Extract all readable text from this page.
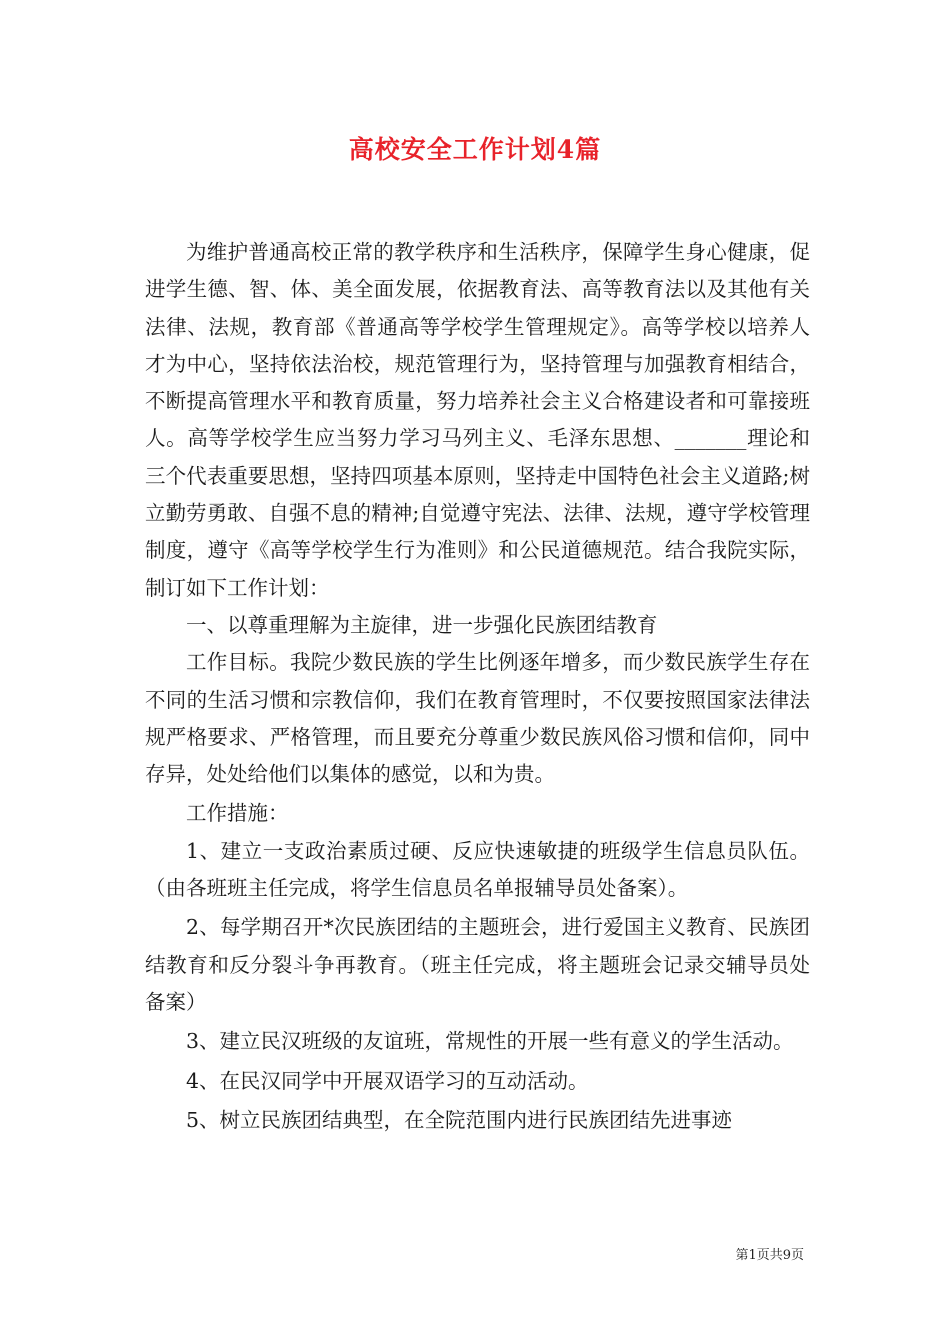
高校安全工作计划4篇

为维护普通高校正常的教学秩序和生活秩序，保障学生身心健康，促进学生德、智、体、美全面发展，依据教育法、高等教育法以及其他有关法律、法规，教育部《普通高等学校学生管理规定》。高等学校以培养人才为中心，坚持依法治校，规范管理行为，坚持管理与加强教育相结合，不断提高管理水平和教育质量，努力培养社会主义合格建设者和可靠接班人。高等学校学生应当努力学习马列主义、毛泽东思想、_______理论和三个代表重要思想，坚持四项基本原则，坚持走中国特色社会主义道路;树立勤劳勇敢、自强不息的精神;自觉遵守宪法、法律、法规，遵守学校管理制度，遵守《高等学校学生行为准则》和公民道德规范。结合我院实际，制订如下工作计划：

一、以尊重理解为主旋律，进一步强化民族团结教育

工作目标。我院少数民族的学生比例逐年增多，而少数民族学生存在不同的生活习惯和宗教信仰，我们在教育管理时，不仅要按照国家法律法规严格要求、严格管理，而且要充分尊重少数民族风俗习惯和信仰，同中存异，处处给他们以集体的感觉，以和为贵。

工作措施：

1、建立一支政治素质过硬、反应快速敏捷的班级学生信息员队伍。（由各班班主任完成，将学生信息员名单报辅导员处备案）。

2、每学期召开*次民族团结的主题班会，进行爱国主义教育、民族团结教育和反分裂斗争再教育。（班主任完成，将主题班会记录交辅导员处备案）

3、建立民汉班级的友谊班，常规性的开展一些有意义的学生活动。

4、在民汉同学中开展双语学习的互动活动。

5、树立民族团结典型，在全院范围内进行民族团结先进事迹

第1页共9页
